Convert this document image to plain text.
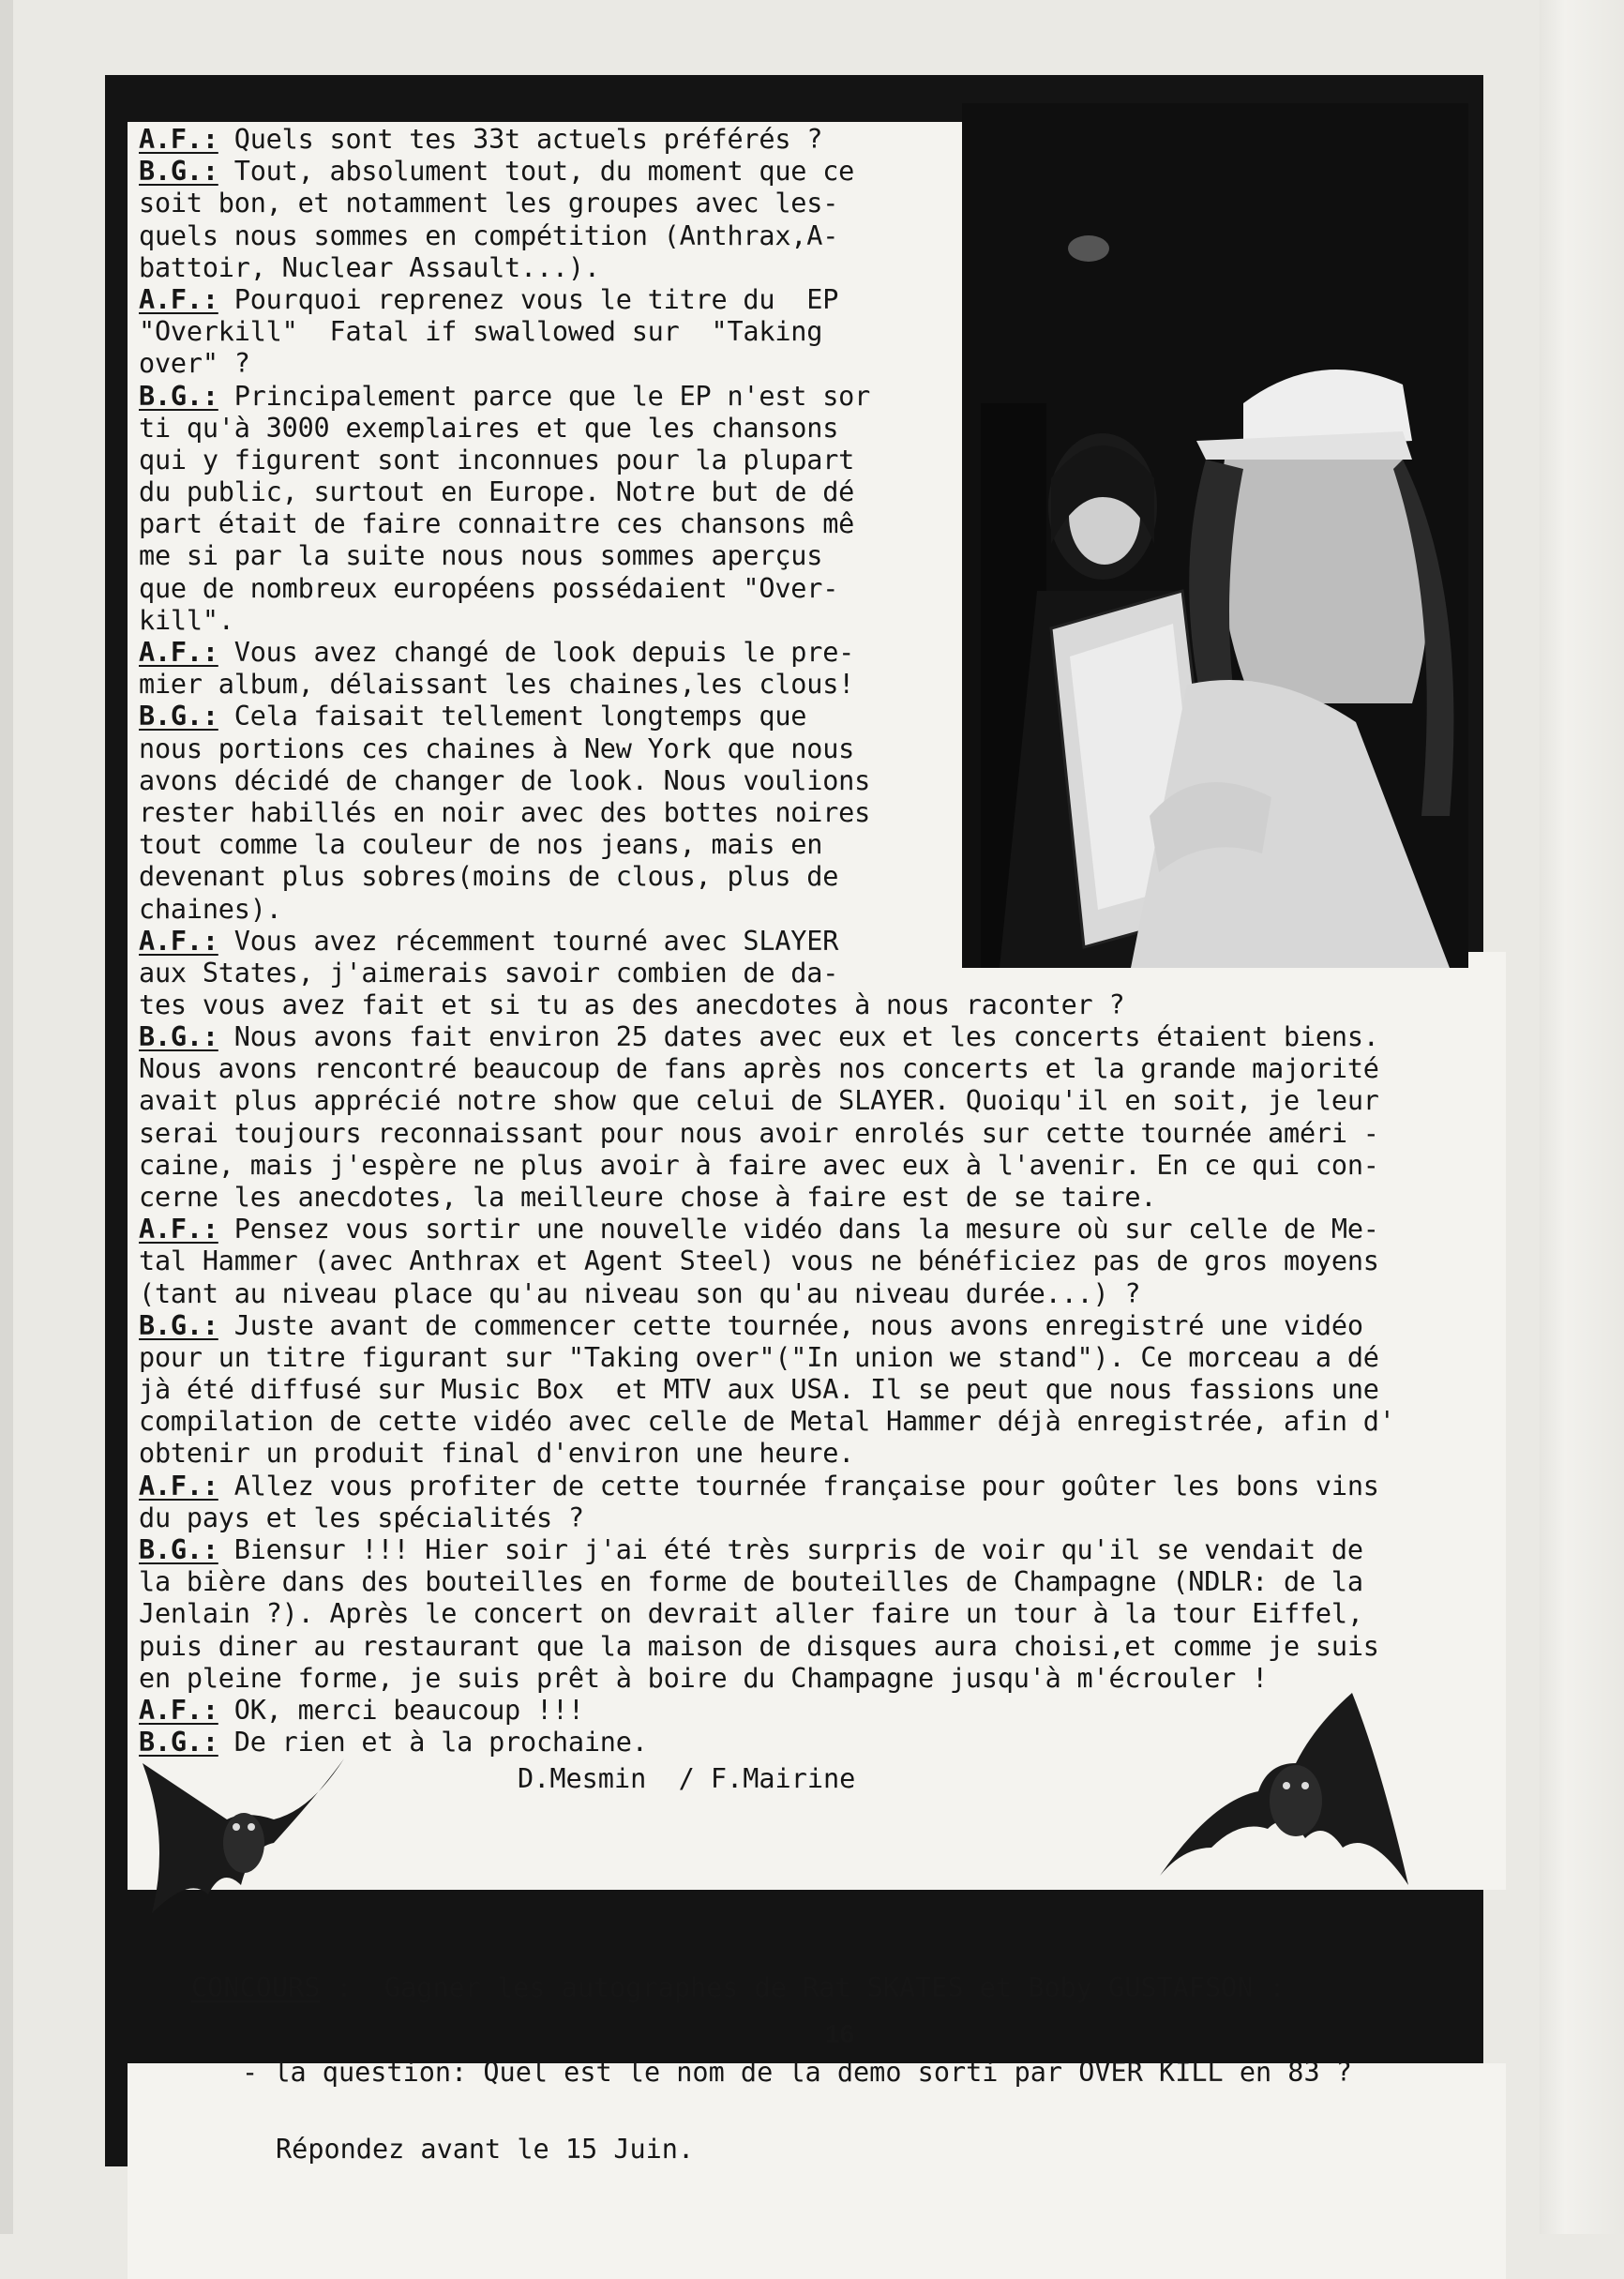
A.F.: Quels sont tes 33t actuels préférés ?
B.G.: Tout, absolument tout, du moment que ce
soit bon, et notamment les groupes avec les-
quels nous sommes en compétition (Anthrax,A-
battoir, Nuclear Assault...).
A.F.: Pourquoi reprenez vous le titre du  EP
"Overkill"  Fatal if swallowed sur  "Taking
over" ?
B.G.: Principalement parce que le EP n'est sor
ti qu'à 3000 exemplaires et que les chansons
qui y figurent sont inconnues pour la plupart
du public, surtout en Europe. Notre but de dé
part était de faire connaitre ces chansons mê
me si par la suite nous nous sommes aperçus
que de nombreux européens possédaient "Over-
kill".
A.F.: Vous avez changé de look depuis le pre-
mier album, délaissant les chaines,les clous!
B.G.: Cela faisait tellement longtemps que
nous portions ces chaines à New York que nous
avons décidé de changer de look. Nous voulions
rester habillés en noir avec des bottes noires
tout comme la couleur de nos jeans, mais en
devenant plus sobres(moins de clous, plus de
chaines).
A.F.: Vous avez récemment tourné avec SLAYER
aux States, j'aimerais savoir combien de da-
tes vous avez fait et si tu as des anecdotes à nous raconter ?
B.G.: Nous avons fait environ 25 dates avec eux et les concerts étaient biens.
Nous avons rencontré beaucoup de fans après nos concerts et la grande majorité
avait plus apprécié notre show que celui de SLAYER. Quoiqu'il en soit, je leur
serai toujours reconnaissant pour nous avoir enrolés sur cette tournée améri -
caine, mais j'espère ne plus avoir à faire avec eux à l'avenir. En ce qui con-
cerne les anecdotes, la meilleure chose à faire est de se taire.
A.F.: Pensez vous sortir une nouvelle vidéo dans la mesure où sur celle de Me-
tal Hammer (avec Anthrax et Agent Steel) vous ne bénéficiez pas de gros moyens
(tant au niveau place qu'au niveau son qu'au niveau durée...) ?
B.G.: Juste avant de commencer cette tournée, nous avons enregistré une vidéo
pour un titre figurant sur "Taking over"("In union we stand"). Ce morceau a dé
jà été diffusé sur Music Box  et MTV aux USA. Il se peut que nous fassions une
compilation de cette vidéo avec celle de Metal Hammer déjà enregistrée, afin d'
obtenir un produit final d'environ une heure.
A.F.: Allez vous profiter de cette tournée française pour goûter les bons vins
du pays et les spécialités ?
B.G.: Biensur !!! Hier soir j'ai été très surpris de voir qu'il se vendait de
la bière dans des bouteilles en forme de bouteilles de Champagne (NDLR: de la
Jenlain ?). Après le concert on devrait aller faire un tour à la tour Eiffel,
puis diner au restaurant que la maison de disques aura choisi,et comme je suis
en pleine forme, je suis prêt à boire du Champagne jusqu'à m'écrouler !
A.F.: OK, merci beaucoup !!!
B.G.: De rien et à la prochaine.
D.Mesmin  / F.Mairine

CONCOURS :  Gagner les autographes de Rat SKATES et Boby GUSTAFSON :

- la question: Quel est le nom de la demo sorti par OVER KILL en 83 ?

Répondez avant le 15 Juin.

16
